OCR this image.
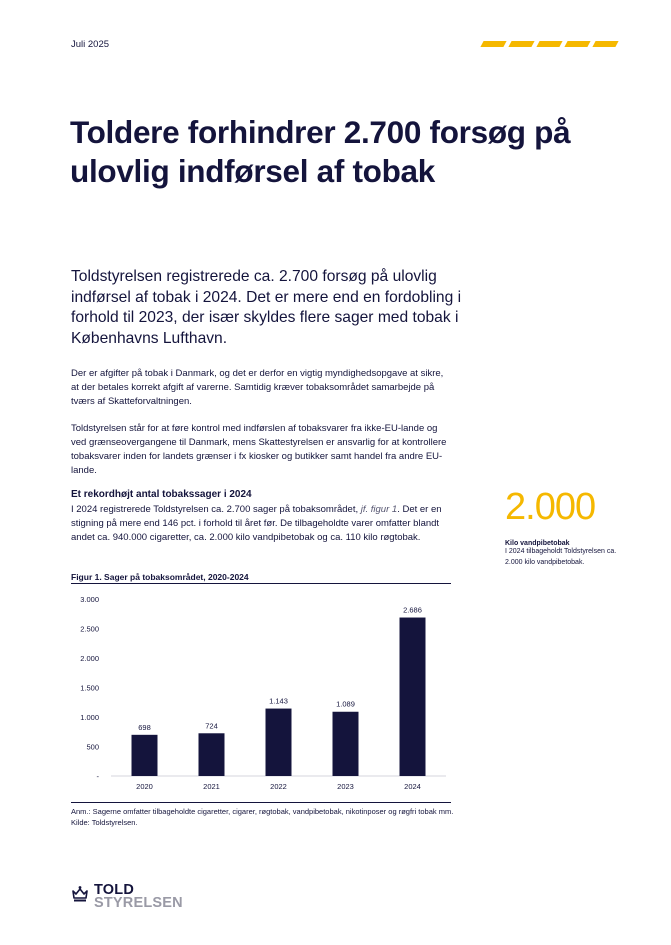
Juli 2025
Toldere forhindrer 2.700 forsøg på ulovlig indførsel af tobak

Toldstyrelsen registrerede ca. 2.700 forsøg på ulovlig indførsel af tobak i 2024. Det er mere end en fordobling i forhold til 2023, der især skyldes flere sager med tobak i Københavns Lufthavn.

Der er afgifter på tobak i Danmark, og det er derfor en vigtig myndighedsopgave at sikre, at der betales korrekt afgift af varerne. Samtidig kræver tobaksområdet samarbejde på tværs af Skatteforvaltningen.

Toldstyrelsen står for at føre kontrol med indførslen af tobaksvarer fra ikke-EU-lande og ved grænseovergangene til Danmark, mens Skattestyrelsen er ansvarlig for at kontrollere tobaksvarer inden for landets grænser i fx kiosker og butikker samt handel fra andre EU-lande.

Et rekordhøjt antal tobakssager i 2024

I 2024 registrerede Toldstyrelsen ca. 2.700 sager på tobaksområdet, jf. figur 1. Det er en stigning på mere end 146 pct. i forhold til året før. De tilbageholdte varer omfatter blandt andet ca. 940.000 cigaretter, ca. 2.000 kilo vandpibetobak og ca. 110 kilo røgtobak.

2.000
Kilo vandpibetobak
I 2024 tilbageholdt Toldstyrelsen ca. 2.000 kilo vandpibetobak.
Figur 1. Sager på tobaksområdet, 2020-2024
-
500
1.000
1.500
2.000
2.500
3.000
698
2020
724
2021
1.143
2022
1.089
2023
2.686
2024
Anm.: Sagerne omfatter tilbageholdte cigaretter, cigarer, røgtobak, vandpibetobak, nikotinposer og røgfri tobak mm.
Kilde: Toldstyrelsen.
TOLD
STYRELSEN
